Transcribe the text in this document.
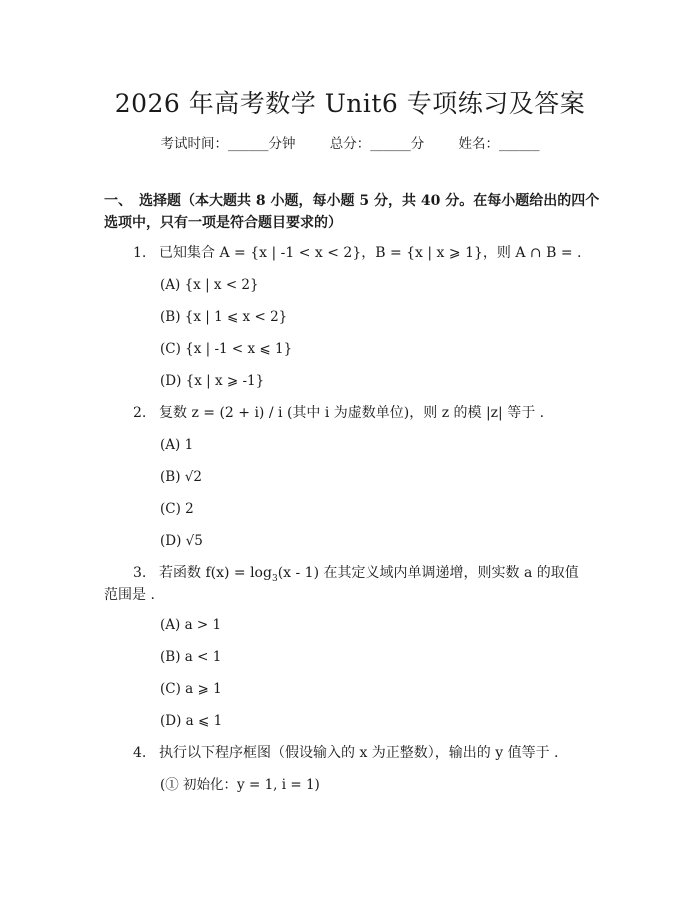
2026 年高考数学 Unit6 专项练习及答案
考试时间：______分钟	总分：______分	姓名：______
一、　选择题（本大题共 8 小题，每小题 5 分，共 40 分。在每小题给出的四个选项中，只有一项是符合题目要求的）
1. 已知集合 A = {x | -1 < x < 2}，B = {x | x ⩾ 1}，则 A ∩ B = .
(A) {x | x < 2}
(B) {x | 1 ⩽ x < 2}
(C) {x | -1 < x ⩽ 1}
(D) {x | x ⩾ -1}
2. 复数 z = (2 + i) / i (其中 i 为虚数单位)，则 z 的模 |z| 等于 .
(A) 1
(B) √2
(C) 2
(D) √5
3. 若函数 $f(x) = \log_3(x - 1)$ 在其定义域内单调递增，则实数 a 的取值
范围是 .
(A) a > 1
(B) a < 1
(C) a ⩾ 1
(D) a ⩽ 1
4. 执行以下程序框图（假设输入的 x 为正整数），输出的 y 值等于 .
(① 初始化：y = 1, i = 1)
